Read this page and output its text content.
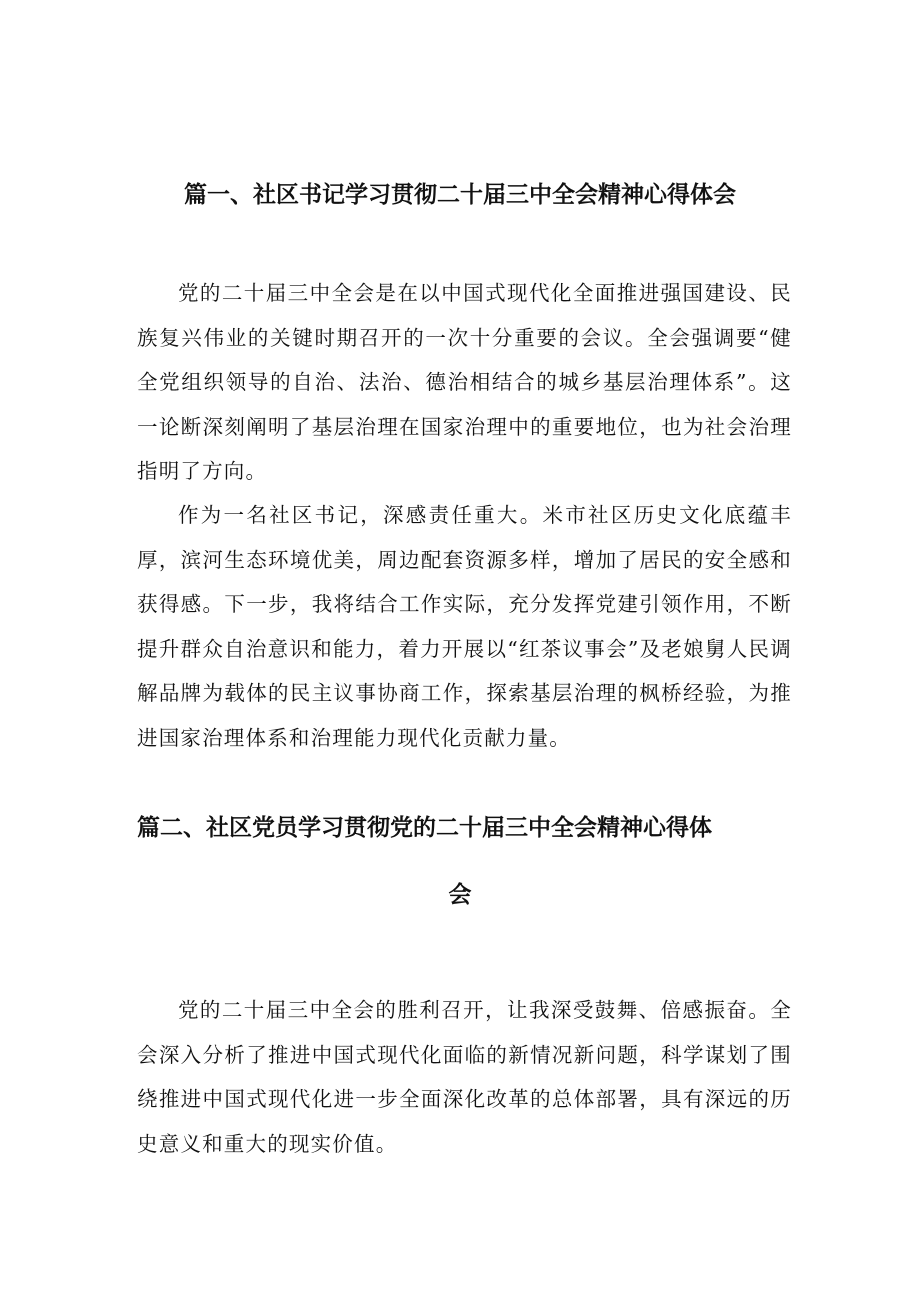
篇一、社区书记学习贯彻二十届三中全会精神心得体会

党的二十届三中全会是在以中国式现代化全面推进强国建设、民族复兴伟业的关键时期召开的一次十分重要的会议。全会强调要“健全党组织领导的自治、法治、德治相结合的城乡基层治理体系”。这一论断深刻阐明了基层治理在国家治理中的重要地位，也为社会治理指明了方向。

作为一名社区书记，深感责任重大。米市社区历史文化底蕴丰厚，滨河生态环境优美，周边配套资源多样，增加了居民的安全感和获得感。下一步，我将结合工作实际，充分发挥党建引领作用，不断提升群众自治意识和能力，着力开展以“红茶议事会”及老娘舅人民调解品牌为载体的民主议事协商工作，探索基层治理的枫桥经验，为推进国家治理体系和治理能力现代化贡献力量。

篇二、社区党员学习贯彻党的二十届三中全会精神心得体
会

党的二十届三中全会的胜利召开，让我深受鼓舞、倍感振奋。全会深入分析了推进中国式现代化面临的新情况新问题，科学谋划了围绕推进中国式现代化进一步全面深化改革的总体部署，具有深远的历史意义和重大的现实价值。
